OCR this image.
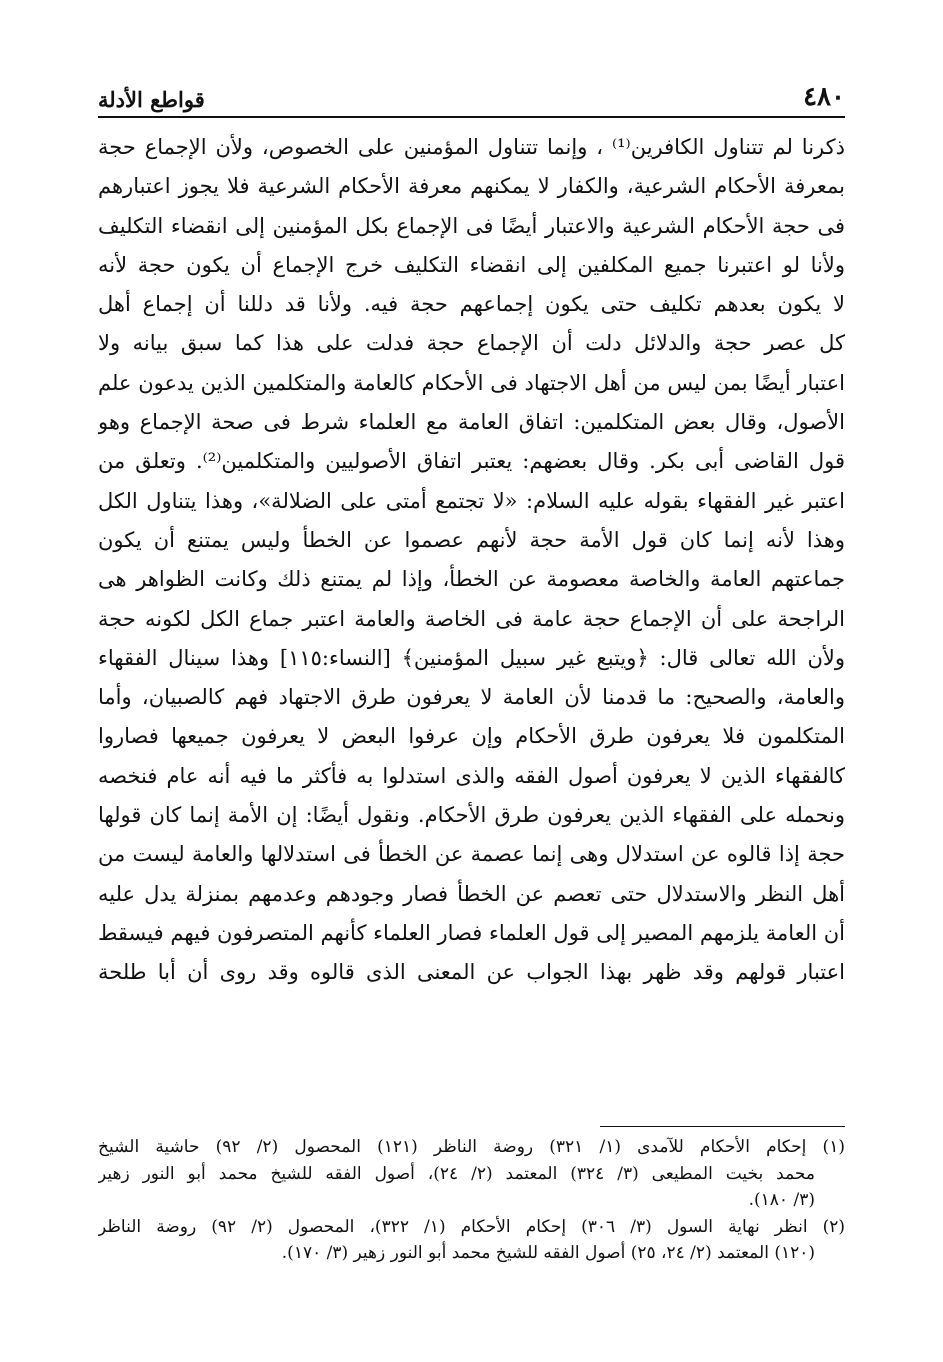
٤٨٠
قواطع الأدلة
ذكرنا لم تتناول الكافرين⁽¹⁾ ، وإنما تتناول المؤمنين على الخصوص، ولأن الإجماع حجة
بمعرفة الأحكام الشرعية، والكفار لا يمكنهم معرفة الأحكام الشرعية فلا يجوز اعتبارهم
فى حجة الأحكام الشرعية والاعتبار أيضًا فى الإجماع بكل المؤمنين إلى انقضاء التكليف
ولأنا لو اعتبرنا جميع المكلفين إلى انقضاء التكليف خرج الإجماع أن يكون حجة لأنه
لا يكون بعدهم تكليف حتى يكون إجماعهم حجة فيه. ولأنا قد دللنا أن إجماع أهل
كل عصر حجة والدلائل دلت أن الإجماع حجة فدلت على هذا كما سبق بيانه ولا
اعتبار أيضًا بمن ليس من أهل الاجتهاد فى الأحكام كالعامة والمتكلمين الذين يدعون علم
الأصول، وقال بعض المتكلمين: اتفاق العامة مع العلماء شرط فى صحة الإجماع وهو
قول القاضى أبى بكر. وقال بعضهم: يعتبر اتفاق الأصوليين والمتكلمين⁽²⁾. وتعلق من
اعتبر غير الفقهاء بقوله عليه السلام: «لا تجتمع أمتى على الضلالة»، وهذا يتناول الكل
وهذا لأنه إنما كان قول الأمة حجة لأنهم عصموا عن الخطأ وليس يمتنع أن يكون
جماعتهم العامة والخاصة معصومة عن الخطأ، وإذا لم يمتنع ذلك وكانت الظواهر هى
الراجحة على أن الإجماع حجة عامة فى الخاصة والعامة اعتبر جماع الكل لكونه حجة
ولأن الله تعالى قال: ﴿ويتبع غير سبيل المؤمنين﴾ [النساء:١١٥] وهذا سينال الفقهاء
والعامة، والصحيح: ما قدمنا لأن العامة لا يعرفون طرق الاجتهاد فهم كالصبيان، وأما
المتكلمون فلا يعرفون طرق الأحكام وإن عرفوا البعض لا يعرفون جميعها فصاروا
كالفقهاء الذين لا يعرفون أصول الفقه والذى استدلوا به فأكثر ما فيه أنه عام فنخصه
ونحمله على الفقهاء الذين يعرفون طرق الأحكام. ونقول أيضًا: إن الأمة إنما كان قولها
حجة إذا قالوه عن استدلال وهى إنما عصمة عن الخطأ فى استدلالها والعامة ليست من
أهل النظر والاستدلال حتى تعصم عن الخطأ فصار وجودهم وعدمهم بمنزلة يدل عليه
أن العامة يلزمهم المصير إلى قول العلماء فصار العلماء كأنهم المتصرفون فيهم فيسقط
اعتبار قولهم وقد ظهر بهذا الجواب عن المعنى الذى قالوه وقد روى أن أبا طلحة
(١) إحكام الأحكام للآمدى (١/ ٣٢١) روضة الناظر (١٢١) المحصول (٢/ ٩٢) حاشية الشيخ
محمد بخيت المطيعى (٣/ ٣٢٤) المعتمد (٢/ ٢٤)، أصول الفقه للشيخ محمد أبو النور زهير
(٣/ ١٨٠).
(٢) انظر نهاية السول (٣/ ٣٠٦) إحكام الأحكام (١/ ٣٢٢)، المحصول (٢/ ٩٢) روضة الناظر
(١٢٠) المعتمد (٢/ ٢٤، ٢٥) أصول الفقه للشيخ محمد أبو النور زهير (٣/ ١٧٠).
